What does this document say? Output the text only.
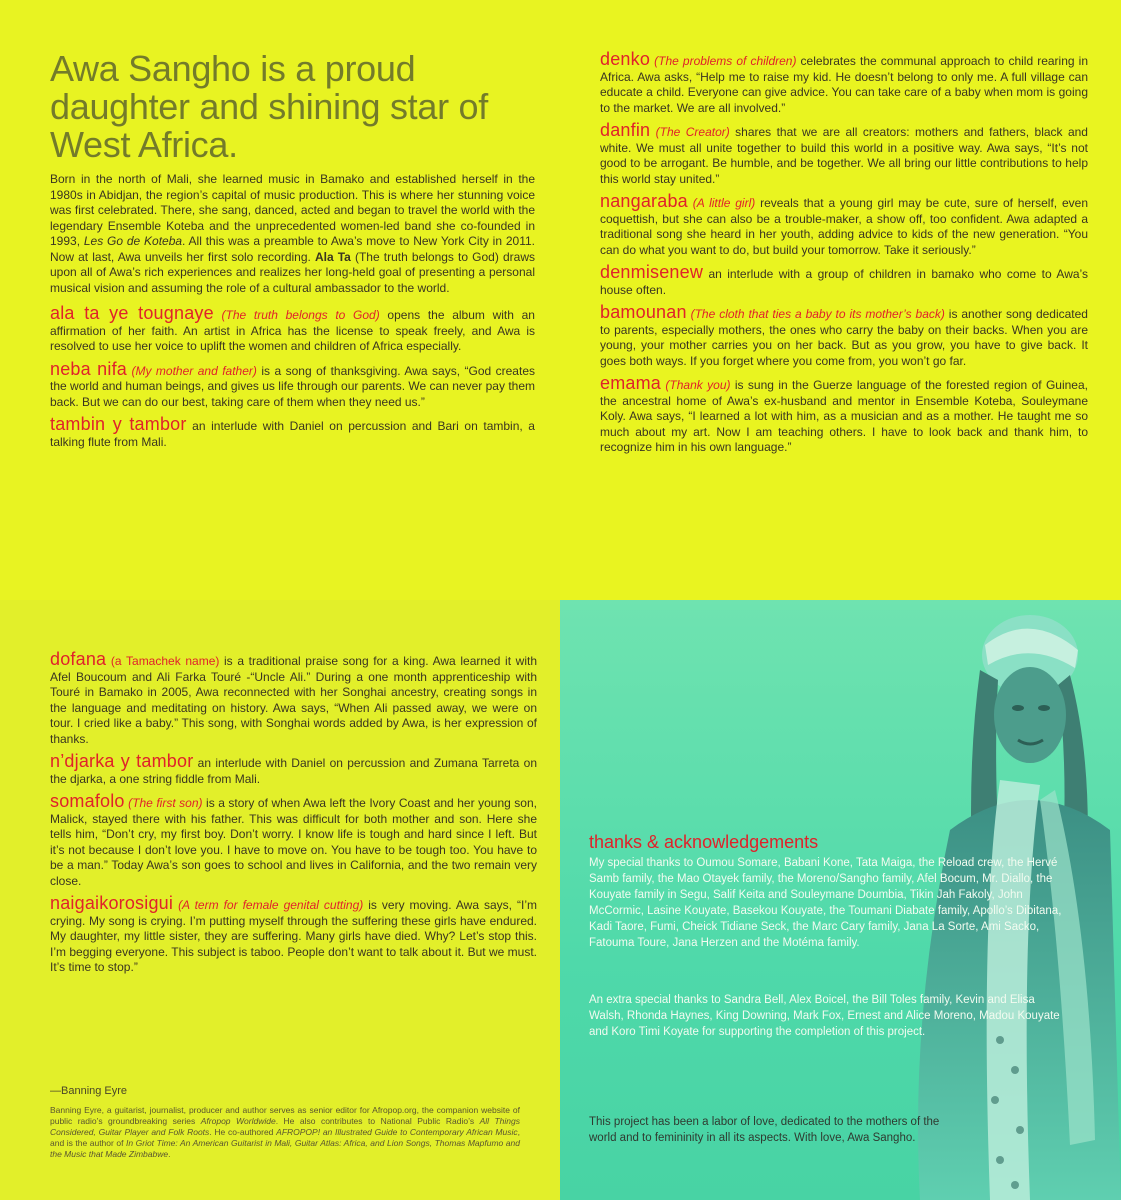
Awa Sangho is a proud daughter and shining star of West Africa.

Born in the north of Mali, she learned music in Bamako and established herself in the 1980s in Abidjan, the region’s capital of music production. This is where her stunning voice was first celebrated. There, she sang, danced, acted and began to travel the world with the legendary Ensemble Koteba and the unprecedented women-led band she co-founded in 1993, Les Go de Koteba. All this was a preamble to Awa’s move to New York City in 2011. Now at last, Awa unveils her first solo recording. Ala Ta (The truth belongs to God) draws upon all of Awa’s rich experiences and realizes her long-held goal of presenting a personal musical vision and assuming the role of a cultural ambassador to the world.

ala ta ye tougnaye (The truth belongs to God) opens the album with an affirmation of her faith. An artist in Africa has the license to speak freely, and Awa is resolved to use her voice to uplift the women and children of Africa especially.

neba nifa (My mother and father) is a song of thanksgiving. Awa says, “God creates the world and human beings, and gives us life through our parents. We can never pay them back. But we can do our best, taking care of them when they need us.”

tambin y tambor an interlude with Daniel on percussion and Bari on tambin, a talking flute from Mali.

denko (The problems of children) celebrates the communal approach to child rearing in Africa. Awa asks, “Help me to raise my kid. He doesn’t belong to only me. A full village can educate a child. Everyone can give advice. You can take care of a baby when mom is going to the market. We are all involved.”

danfin (The Creator) shares that we are all creators: mothers and fathers, black and white. We must all unite together to build this world in a positive way. Awa says, “It’s not good to be arrogant. Be humble, and be together. We all bring our little contributions to help this world stay united.”

nangaraba (A little girl) reveals that a young girl may be cute, sure of herself, even coquettish, but she can also be a trouble-maker, a show off, too confident. Awa adapted a traditional song she heard in her youth, adding advice to kids of the new generation. “You can do what you want to do, but build your tomorrow. Take it seriously.”

denmisenew an interlude with a group of children in bamako who come to Awa’s house often.

bamounan (The cloth that ties a baby to its mother’s back) is another song dedicated to parents, especially mothers, the ones who carry the baby on their backs. When you are young, your mother carries you on her back. But as you grow, you have to give back. It goes both ways. If you forget where you come from, you won’t go far.

emama (Thank you) is sung in the Guerze language of the forested region of Guinea, the ancestral home of Awa’s ex-husband and mentor in Ensemble Koteba, Souleymane Koly. Awa says, “I learned a lot with him, as a musician and as a mother. He taught me so much about my art. Now I am teaching others. I have to look back and thank him, to recognize him in his own language.”

dofana (a Tamachek name) is a traditional praise song for a king. Awa learned it with Afel Boucoum and Ali Farka Touré -“Uncle Ali.” During a one month apprenticeship with Touré in Bamako in 2005, Awa reconnected with her Songhai ancestry, creating songs in the language and meditating on history. Awa says, “When Ali passed away, we were on tour. I cried like a baby.” This song, with Songhai words added by Awa, is her expression of thanks.

n’djarka y tambor an interlude with Daniel on percussion and Zumana Tarreta on the djarka, a one string fiddle from Mali.

somafolo (The first son) is a story of when Awa left the Ivory Coast and her young son, Malick, stayed there with his father. This was difficult for both mother and son. Here she tells him, “Don’t cry, my first boy. Don’t worry. I know life is tough and hard since I left. But it’s not because I don’t love you. I have to move on. You have to be tough too. You have to be a man.” Today Awa’s son goes to school and lives in California, and the two remain very close.

naigaikorosigui (A term for female genital cutting) is very moving. Awa says, “I’m crying. My song is crying. I’m putting myself through the suffering these girls have endured. My daughter, my little sister, they are suffering. Many girls have died. Why? Let’s stop this. I’m begging everyone. This subject is taboo. People don’t want to talk about it. But we must. It’s time to stop.”

—Banning Eyre

Banning Eyre, a guitarist, journalist, producer and author serves as senior editor for Afropop.org, the companion website of public radio’s groundbreaking series Afropop Worldwide. He also contributes to National Public Radio’s All Things Considered, Guitar Player and Folk Roots. He co-authored AFROPOP! an Illustrated Guide to Contemporary African Music, and is the author of In Griot Time: An American Guitarist in Mali, Guitar Atlas: Africa, and Lion Songs, Thomas Mapfumo and the Music that Made Zimbabwe.

thanks & acknowledgements

My special thanks to Oumou Somare, Babani Kone, Tata Maiga, the Reload crew, the Hervé Samb family, the Mao Otayek family, the Moreno/Sangho family, Afel Bocum, Mr. Diallo, the Kouyate family in Segu, Salif Keita and Souleymane Doumbia, Tikin Jah Fakoly, John McCormic, Lasine Kouyate, Basekou Kouyate, the Toumani Diabate family, Apollo’s Dibitana, Kadi Taore, Fumi, Cheick Tidiane Seck, the Marc Cary family, Jana La Sorte, Ami Sacko, Fatouma Toure, Jana Herzen and the Motéma family.

An extra special thanks to Sandra Bell, Alex Boicel, the Bill Toles family, Kevin and Elisa Walsh, Rhonda Haynes, King Downing, Mark Fox, Ernest and Alice Moreno, Madou Kouyate and Koro Timi Koyate for supporting the completion of this project.

This project has been a labor of love, dedicated to the mothers of the world and to femininity in all its aspects. With love, Awa Sangho.
